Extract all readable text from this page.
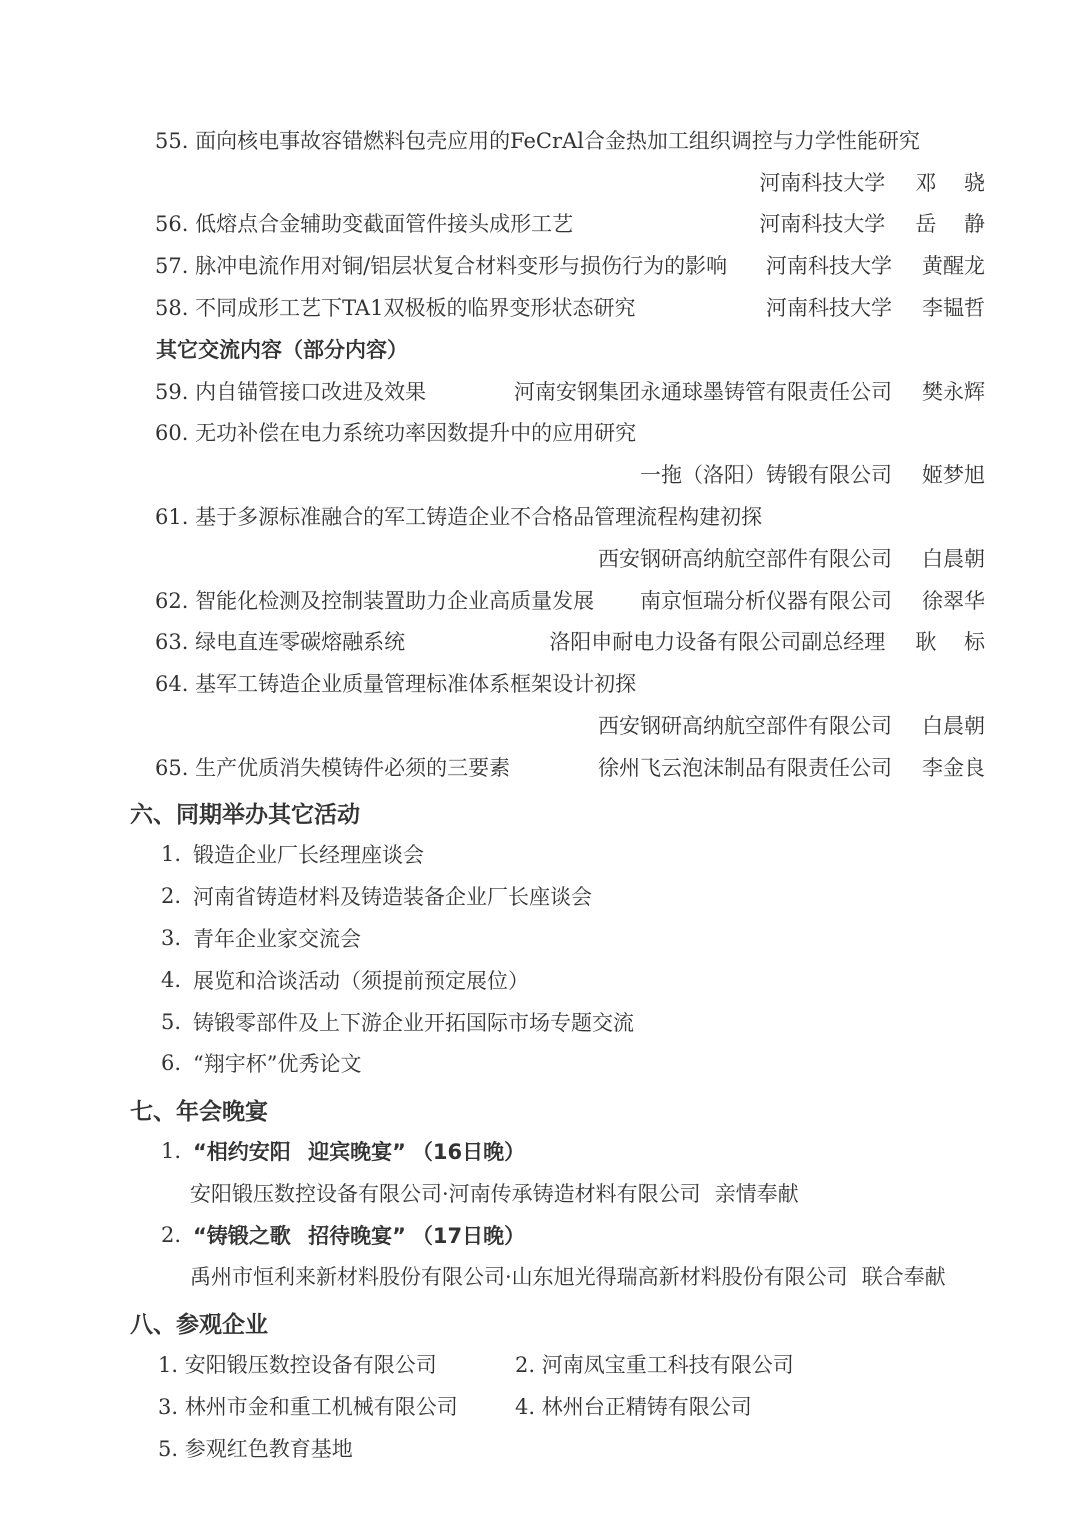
55. 面向核电事故容错燃料包壳应用的FeCrAl合金热加工组织调控与力学性能研究
河南科技大学 邓 骁
56. 低熔点合金辅助变截面管件接头成形工艺	河南科技大学 岳 静
57. 脉冲电流作用对铜/铝层状复合材料变形与损伤行为的影响 河南科技大学 黄醒龙
58. 不同成形工艺下TA1双极板的临界变形状态研究	河南科技大学 李韫哲
其它交流内容（部分内容）
59. 内自锚管接口改进及效果	河南安钢集团永通球墨铸管有限责任公司 樊永辉
60. 无功补偿在电力系统功率因数提升中的应用研究
一拖（洛阳）铸锻有限公司 姬梦旭
61. 基于多源标准融合的军工铸造企业不合格品管理流程构建初探
西安钢研高纳航空部件有限公司 白晨朝
62. 智能化检测及控制装置助力企业高质量发展 南京恒瑞分析仪器有限公司 徐翠华
63. 绿电直连零碳熔融系统	洛阳申耐电力设备有限公司副总经理 耿 标
64. 基军工铸造企业质量管理标准体系框架设计初探
西安钢研高纳航空部件有限公司 白晨朝
65. 生产优质消失模铸件必须的三要素	徐州飞云泡沫制品有限责任公司 李金良
六、同期举办其它活动
1. 锻造企业厂长经理座谈会
2. 河南省铸造材料及铸造装备企业厂长座谈会
3. 青年企业家交流会
4. 展览和洽谈活动（须提前预定展位）
5. 铸锻零部件及上下游企业开拓国际市场专题交流
6. “翔宇杯”优秀论文
七、年会晚宴
1. “相约安阳 迎宾晚宴” （16日晚）
安阳锻压数控设备有限公司·河南传承铸造材料有限公司 亲情奉献
2. “铸锻之歌 招待晚宴” （17日晚）
禹州市恒利来新材料股份有限公司·山东旭光得瑞高新材料股份有限公司 联合奉献
八、参观企业
1. 安阳锻压数控设备有限公司	2. 河南凤宝重工科技有限公司
3. 林州市金和重工机械有限公司	4. 林州台正精铸有限公司
5. 参观红色教育基地
